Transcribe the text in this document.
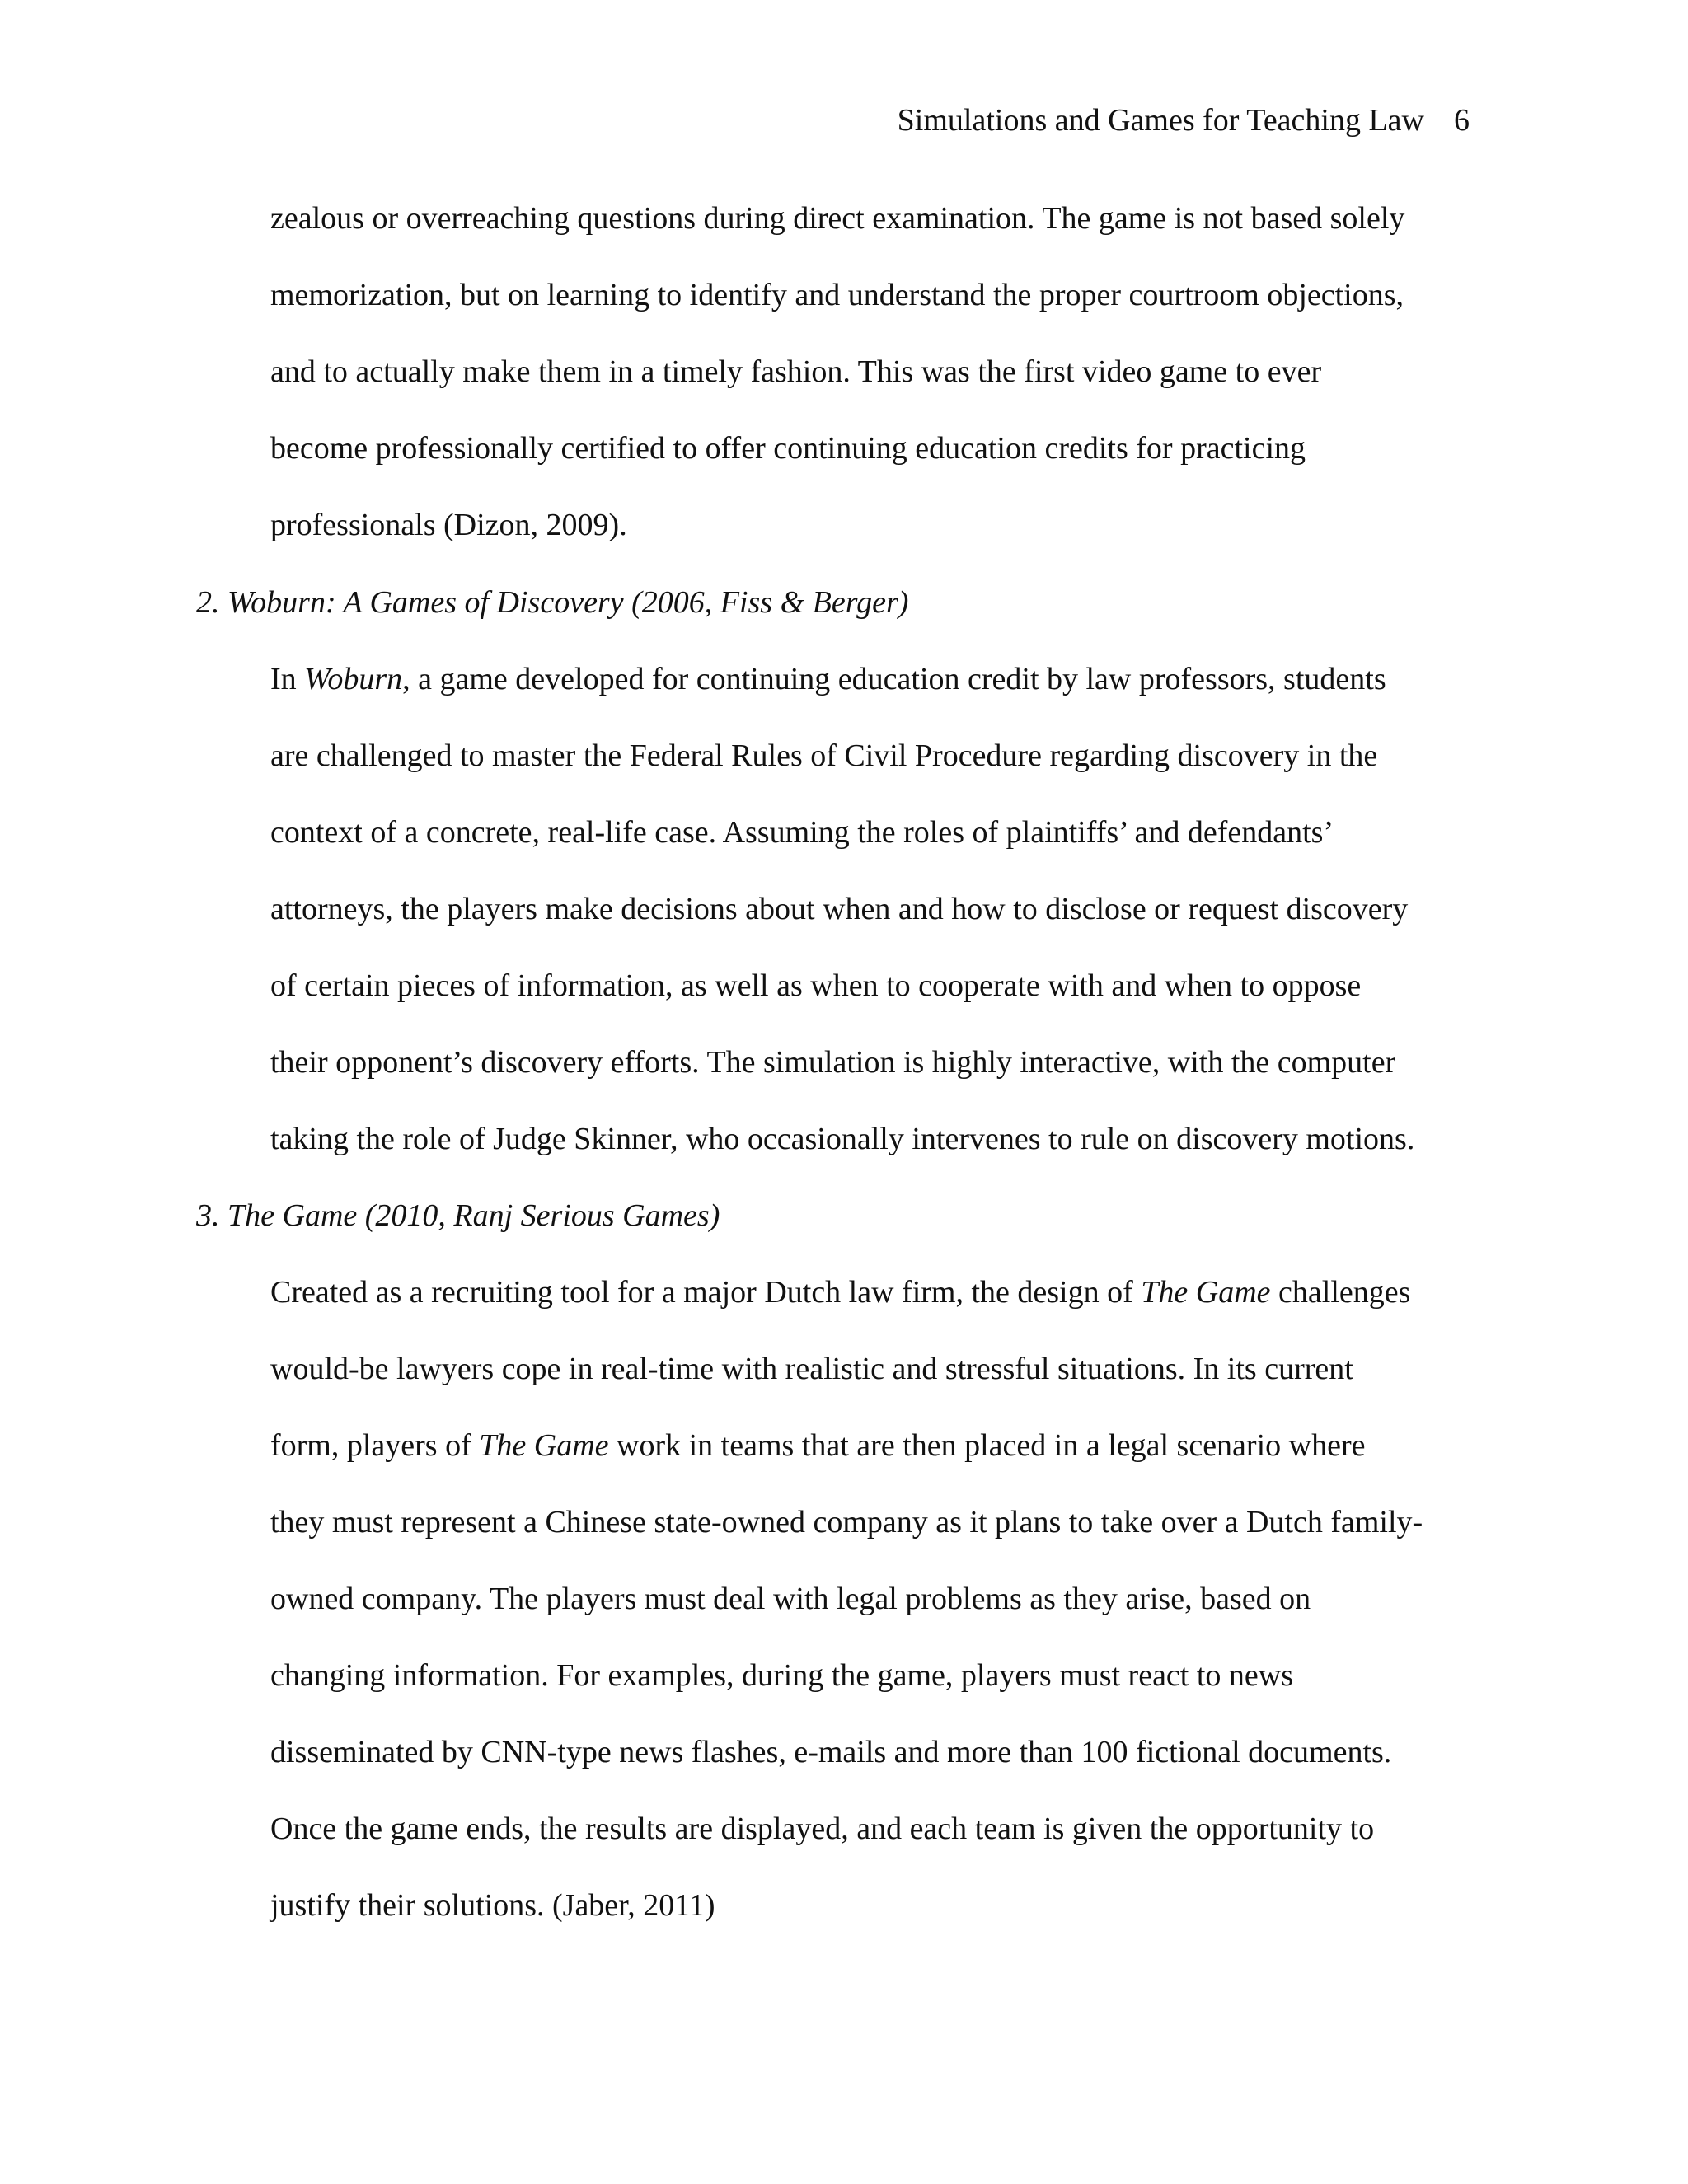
Simulations and Games for Teaching Law 6
zealous or overreaching questions during direct examination. The game is not based solely
memorization, but on learning to identify and understand the proper courtroom objections,
and to actually make them in a timely fashion. This was the first video game to ever
become professionally certified to offer continuing education credits for practicing
professionals (Dizon, 2009).
2. Woburn: A Games of Discovery (2006, Fiss & Berger)
In Woburn, a game developed for continuing education credit by law professors, students
are challenged to master the Federal Rules of Civil Procedure regarding discovery in the
context of a concrete, real-life case. Assuming the roles of plaintiffs’ and defendants’
attorneys, the players make decisions about when and how to disclose or request discovery
of certain pieces of information, as well as when to cooperate with and when to oppose
their opponent’s discovery efforts. The simulation is highly interactive, with the computer
taking the role of Judge Skinner, who occasionally intervenes to rule on discovery motions.
3. The Game (2010, Ranj Serious Games)
Created as a recruiting tool for a major Dutch law firm, the design of The Game challenges
would-be lawyers cope in real-time with realistic and stressful situations. In its current
form, players of The Game work in teams that are then placed in a legal scenario where
they must represent a Chinese state-owned company as it plans to take over a Dutch family-
owned company. The players must deal with legal problems as they arise, based on
changing information. For examples, during the game, players must react to news
disseminated by CNN-type news flashes, e-mails and more than 100 fictional documents.
Once the game ends, the results are displayed, and each team is given the opportunity to
justify their solutions. (Jaber, 2011)
